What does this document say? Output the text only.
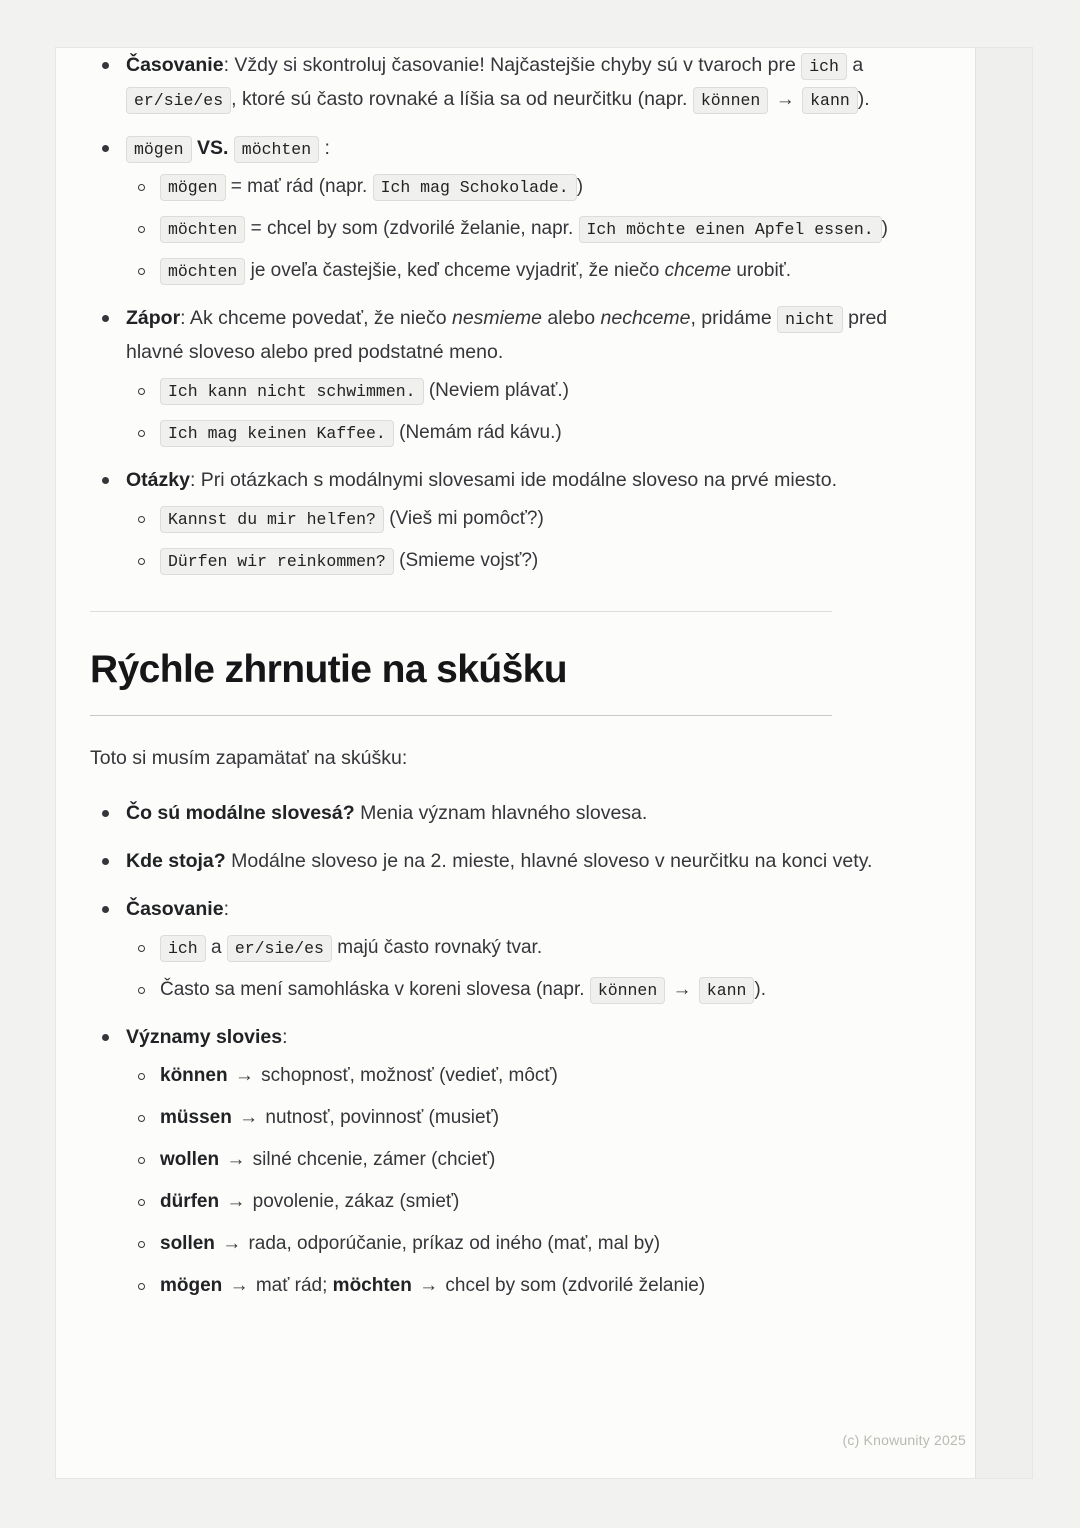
Časovanie: Vždy si skontroluj časovanie! Najčastejšie chyby sú v tvaroch pre ich a er/sie/es , ktoré sú často rovnaké a líšia sa od neurčitku (napr. können → kann ).
mögen VS. möchten :
mögen = mať rád (napr. Ich mag Schokolade. )
möchten = chcel by som (zdvorilé želanie, napr. Ich möchte einen Apfel essen. )
möchten je oveľa častejšie, keď chceme vyjadriť, že niečo chceme urobiť.
Zápor: Ak chceme povedať, že niečo nesmieme alebo nechceme, pridáme nicht pred hlavné sloveso alebo pred podstatné meno.
Ich kann nicht schwimmen. (Neviem plávať.)
Ich mag keinen Kaffee. (Nemám rád kávu.)
Otázky: Pri otázkach s modálnymi slovesami ide modálne sloveso na prvé miesto.
Kannst du mir helfen? (Vieš mi pomôcť?)
Dürfen wir reinkommen? (Smieme vojsť?)
Rýchle zhrnutie na skúšku

Toto si musím zapamätať na skúšku:

Čo sú modálne slovesá? Menia význam hlavného slovesa.
Kde stoja? Modálne sloveso je na 2. mieste, hlavné sloveso v neurčitku na konci vety.
Časovanie:
ich a er/sie/es majú často rovnaký tvar.
Často sa mení samohláska v koreni slovesa (napr. können → kann ).
Významy slovies:
können → schopnosť, možnosť (vedieť, môcť)
müssen → nutnosť, povinnosť (musieť)
wollen → silné chcenie, zámer (chcieť)
dürfen → povolenie, zákaz (smieť)
sollen → rada, odporúčanie, príkaz od iného (mať, mal by)
mögen → mať rád; möchten → chcel by som (zdvorilé želanie)
(c) Knowunity 2025
